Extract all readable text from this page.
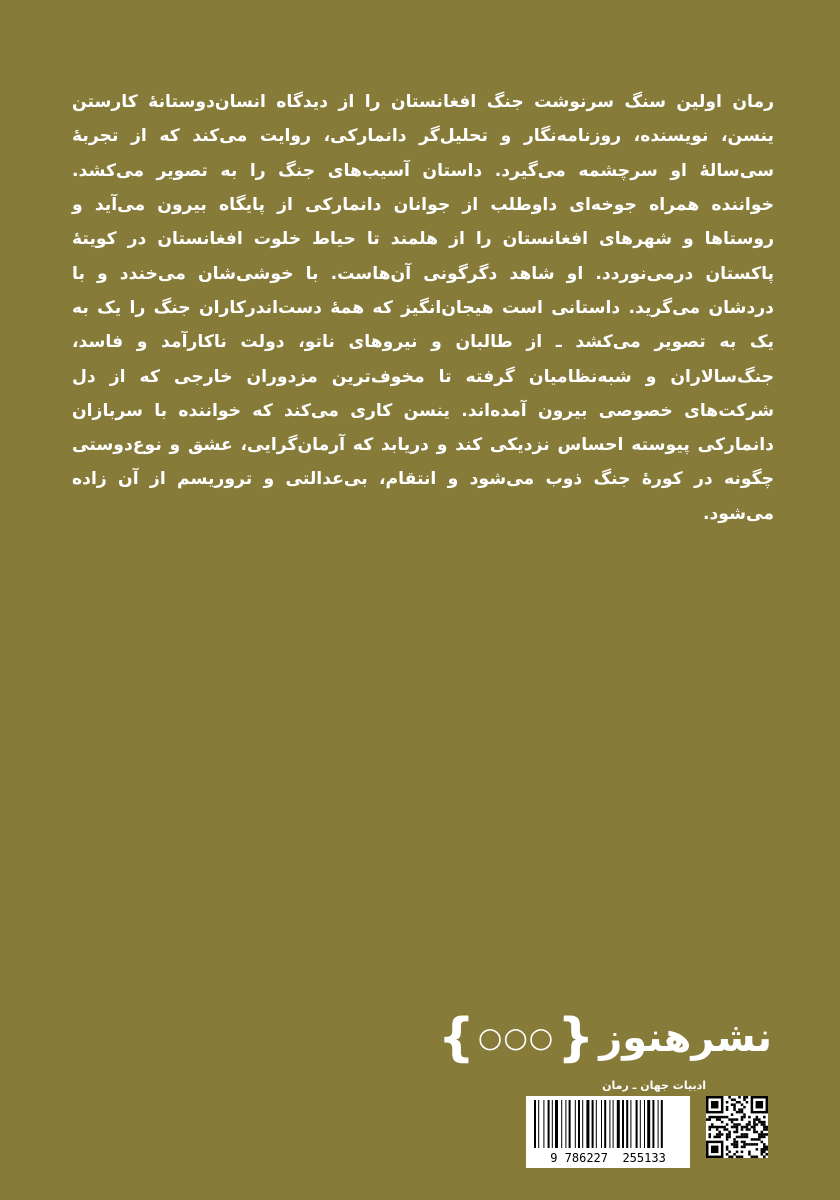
رمان اولین سنگ سرنوشت جنگ افغانستان را از دیدگاه انسان‌دوستانهٔ کارستن ینسن، نویسنده، روزنامه‌نگار و تحلیل‌گر دانمارکی، روایت می‌کند که از تجربهٔ سی‌سالهٔ او سرچشمه می‌گیرد. داستان آسیب‌های جنگ را به تصویر می‌کشد. خواننده همراه جوخه‌ای داوطلب از جوانان دانمارکی از پایگاه بیرون می‌آید و روستاها و شهرهای افغانستان را از هلمند تا حیاط خلوت افغانستان در کویتهٔ پاکستان درمی‌نوردد. او شاهد دگرگونی آن‌هاست. با خوشی‌شان می‌خندد و با دردشان می‌گرید. داستانی است هیجان‌انگیز که همهٔ دست‌اندرکاران جنگ را یک به یک به تصویر می‌کشد ـ از طالبان و نیروهای ناتو، دولت ناکارآمد و فاسد، جنگ‌سالاران و شبه‌نظامیان گرفته تا مخوف‌ترین مزدوران خارجی که از دل شرکت‌های خصوصی بیرون آمده‌اند. ینسن کاری می‌کند که خواننده با سربازان دانمارکی پیوسته احساس نزدیکی کند و دریابد که آرمان‌گرایی، عشق و نوع‌دوستی چگونه در کورهٔ جنگ ذوب می‌شود و انتقام، بی‌عدالتی و تروریسم از آن زاده می‌شود.

{ ○○○ } نشرهنوز
ادبیات جهان ـ رمان
9 786227  255133
